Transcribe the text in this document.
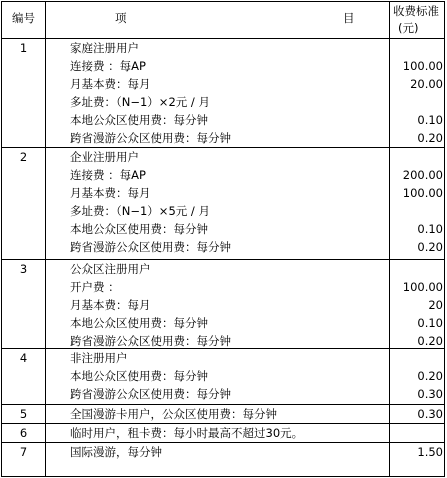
编号	项	目	收费标准
(元)
1	家庭注册用户
连接费 ：每AP	100.00
月基本费：每月	20.00
多址费：（N−1）×2元 / 月
本地公众区使用费：每分钟	0.10
跨省漫游公众区使用费：每分钟	0.20
2	企业注册用户
连接费 ：每AP	200.00
月基本费：每月	100.00
多址费：（N−1）×5元 / 月
本地公众区使用费：每分钟	0.10
跨省漫游公众区使用费：每分钟	0.20
3	公众区注册用户
开户费 ：	100.00
月基本费：每月	20
本地公众区使用费：每分钟	0.10
跨省漫游公众区使用费：每分钟	0.20
4	非注册用户
本地公众区使用费：每分钟	0.20
跨省漫游公众区使用费：每分钟	0.30
5	全国漫游卡用户，公众区使用费：每分钟	0.30
6	临时用户，租卡费：每小时最高不超过30元。
7	国际漫游，每分钟	1.50
